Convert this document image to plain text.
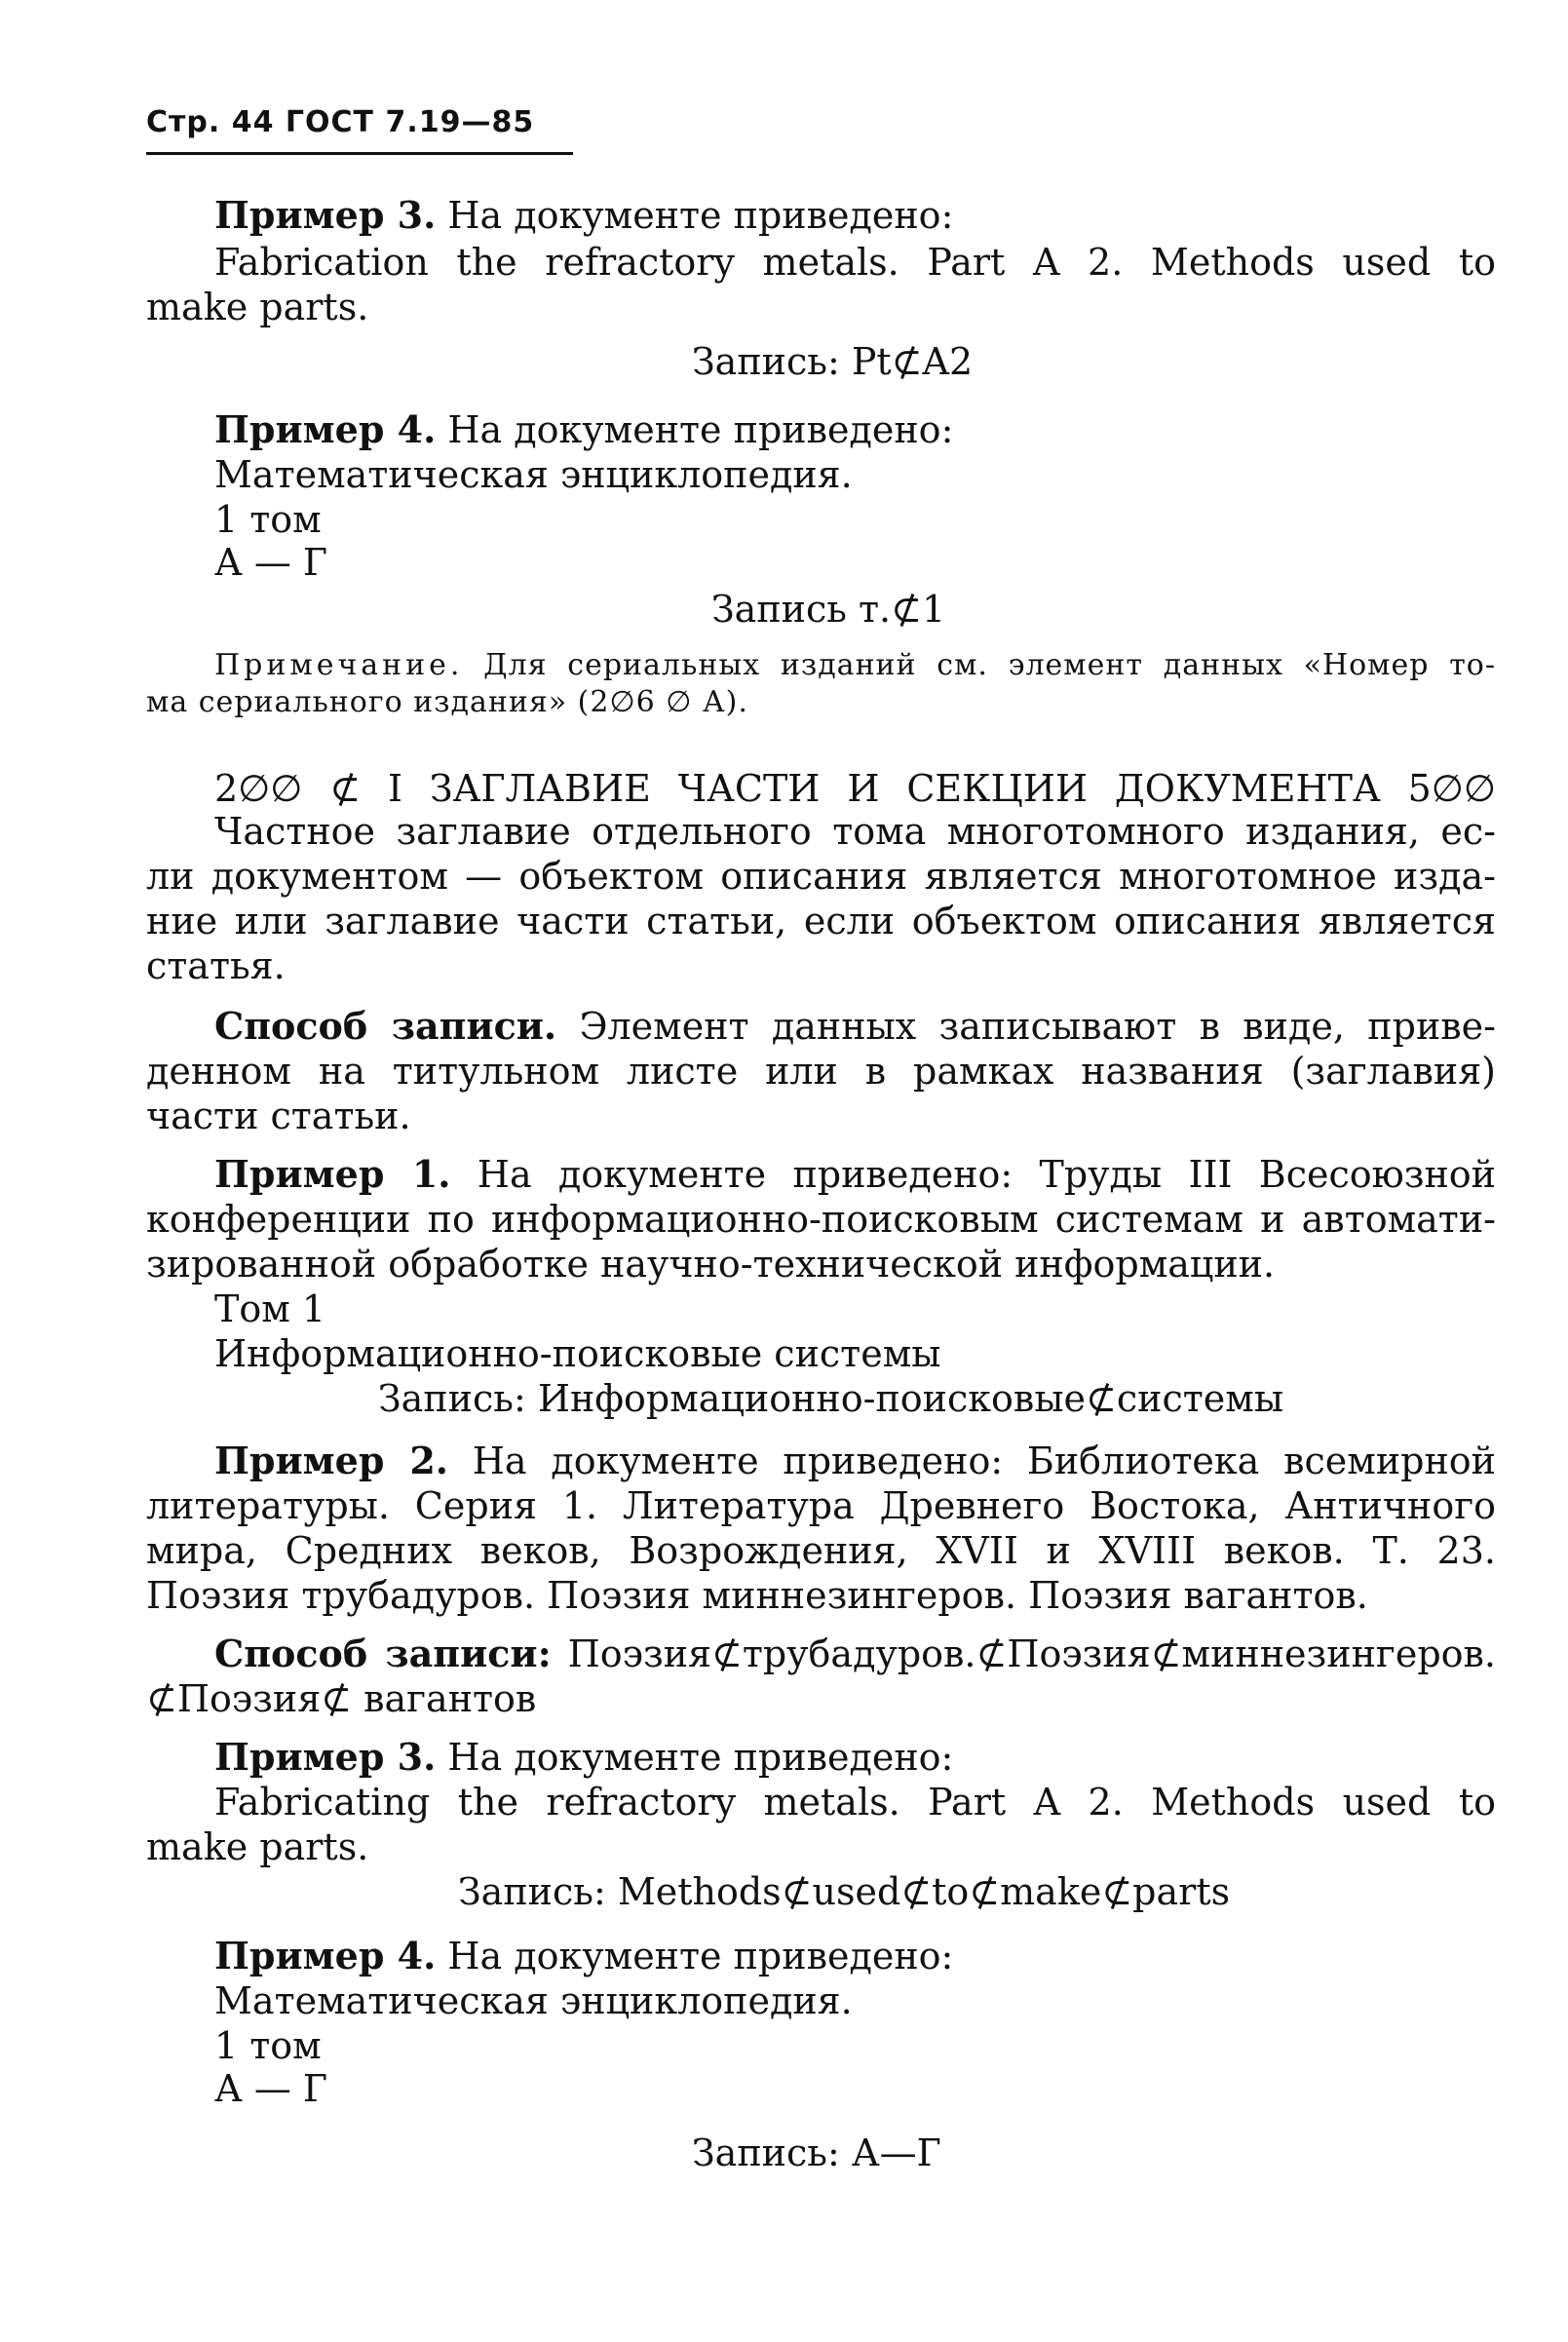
Стр. 44 ГОСТ 7.19—85
Пример 3. На документе приведено:
Fabrication the refractory metals. Part A 2. Methods used to
make parts.
Запись: Pt⊄A2
Пример 4. На документе приведено:
Математическая энциклопедия.
1 том
А — Г
Запись т.⊄1
Примечание. Для сериальных изданий см. элемент данных «Номер то-
ма сериального издания» (2∅6 ∅ А).
2∅∅ ⊄ I ЗАГЛАВИЕ ЧАСТИ И СЕКЦИИ ДОКУМЕНТА 5∅∅
Частное заглавие отдельного тома многотомного издания, ес-
ли документом — объектом описания является многотомное изда-
ние или заглавие части статьи, если объектом описания является
статья.
Способ записи. Элемент данных записывают в виде, приве-
денном на титульном листе или в рамках названия (заглавия)
части статьи.
Пример 1. На документе приведено: Труды III Всесоюзной
конференции по информационно-поисковым системам и автомати-
зированной обработке научно-технической информации.
Том 1
Информационно-поисковые системы
Запись: Информационно-поисковые⊄системы
Пример 2. На документе приведено: Библиотека всемирной
литературы. Серия 1. Литература Древнего Востока, Античного
мира, Средних веков, Возрождения, XVII и XVIII веков. Т. 23.
Поэзия трубадуров. Поэзия миннезингеров. Поэзия вагантов.
Способ записи: Поэзия⊄трубадуров.⊄Поэзия⊄миннезингеров.
⊄Поэзия⊄ вагантов
Пример 3. На документе приведено:
Fabricating the refractory metals. Part A 2. Methods used to
make parts.
Запись: Methods⊄used⊄to⊄make⊄parts
Пример 4. На документе приведено:
Математическая энциклопедия.
1 том
А — Г
Запись: А—Г
